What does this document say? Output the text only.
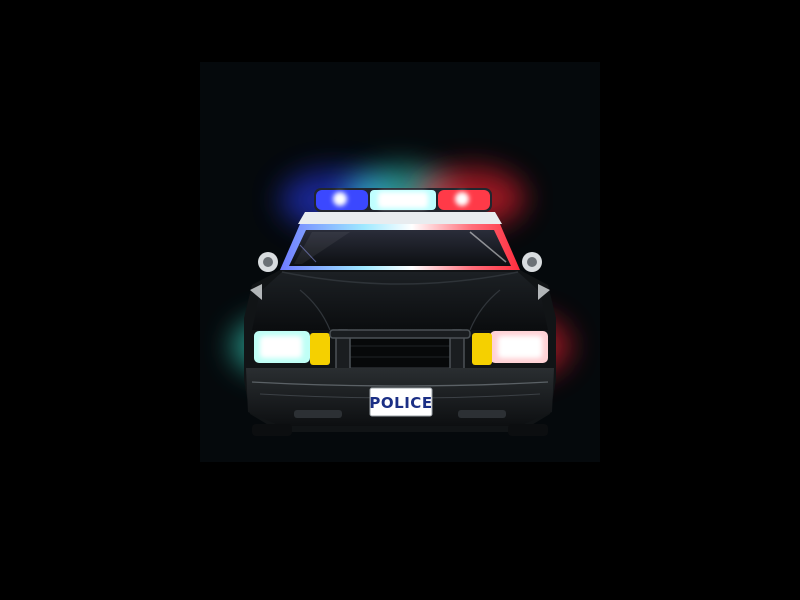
POLICE
